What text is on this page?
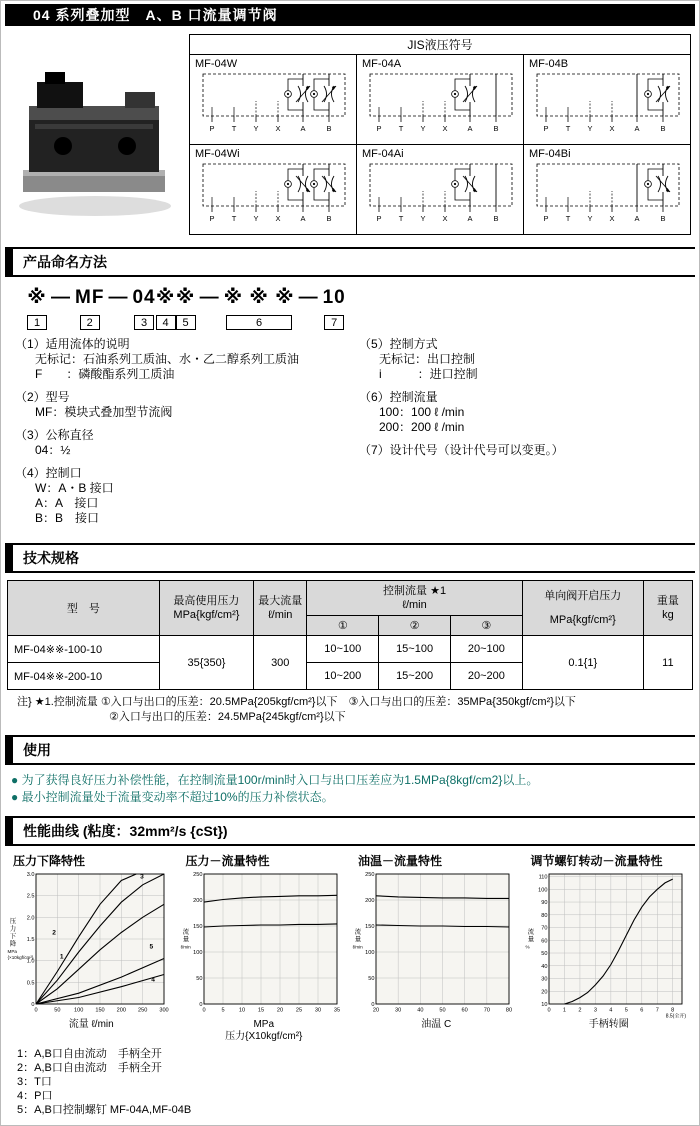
04 系列叠加型　A、B 口流量调节阀
JIS液压符号		

MF-04W
P T Y X	A	B

MF-04A
P T Y X	A	B

MF-04B
P T Y X	A	B

MF-04Wi
P T Y X	A	B

MF-04Ai
P T Y X	A	B

MF-04Bi
P T Y X	A	B
产品命名方法
※
1
— MF
2
— 04
3
※
4
※
5
— ※ ※ ※
6
— 10
7
（1）适用流体的说明
无标记：石油系列工质油、水・乙二醇系列工质油
F　　：磷酸酯系列工质油
（2）型号
MF：模块式叠加型节流阀
（3）公称直径
04：½
（4）控制口
W：A・B 接口
A：A　接口
B：B　接口
（5）控制方式
无标记：出口控制
i　　　：进口控制
（6）控制流量
100：100 ℓ /min
200：200 ℓ /min
（7）设计代号（设计代号可以变更。）
技术规格
型　号	最高使用压力
MPa{kgf/cm²}	最大流量
ℓ/min	控制流量 ★1
ℓ/min			单向阀开启压力
MPa{kgf/cm²}	重量
kg

			①	②	③		
MF-04※※-100-10	35{350}	300	10~100	15~100	20~100	0.1{1}	11
MF-04※※-200-10			10~200	15~200	20~200		
注} ★1.控制流量 ①入口与出口的压差：20.5MPa{205kgf/cm²}以下　③入口与出口的压差：35MPa{350kgf/cm²}以下
②入口与出口的压差：24.5MPa{245kgf/cm²}以下
使用
● 为了获得良好压力补偿性能，在控制流量100r/min时入口与出口压差应为1.5MPa{8kgf/cm2}以上。
● 最小控制流量处于流量变动率不超过10%的压力补偿状态。
性能曲线 (粘度：32mm²/s {cSt})
压力下降特性
0	50 100 150 200 250 300
0
0.5
1.0
1.5
2.0
2.5
3.0
压
力
下
降
MPa
{×10kgf/cm²}	1
2
3
5
4
流量 ℓ/min
压力－流量特性
0	5	10 15 20 25 30 35
0
50
100
150
200
250
流
量
ℓ/min
MPa
压力{X10kgf/cm²}
油温－流量特性
20	30	40	50	60	70	80
0
50
100
150
200
250
流
量
ℓ/min
油温 C
调节螺钉转动－流量特性
0 1 2 3 4 5 6 7 8
10
20
30
40
50
60
70
80
90
100
110
流
量
%
8.5(全开)
手柄转圈
1：A,B口自由流动　手柄全开
2：A,B口自由流动　手柄全开
3：T口
4：P口
5：A,B口控制螺钉 MF-04A,MF-04B
